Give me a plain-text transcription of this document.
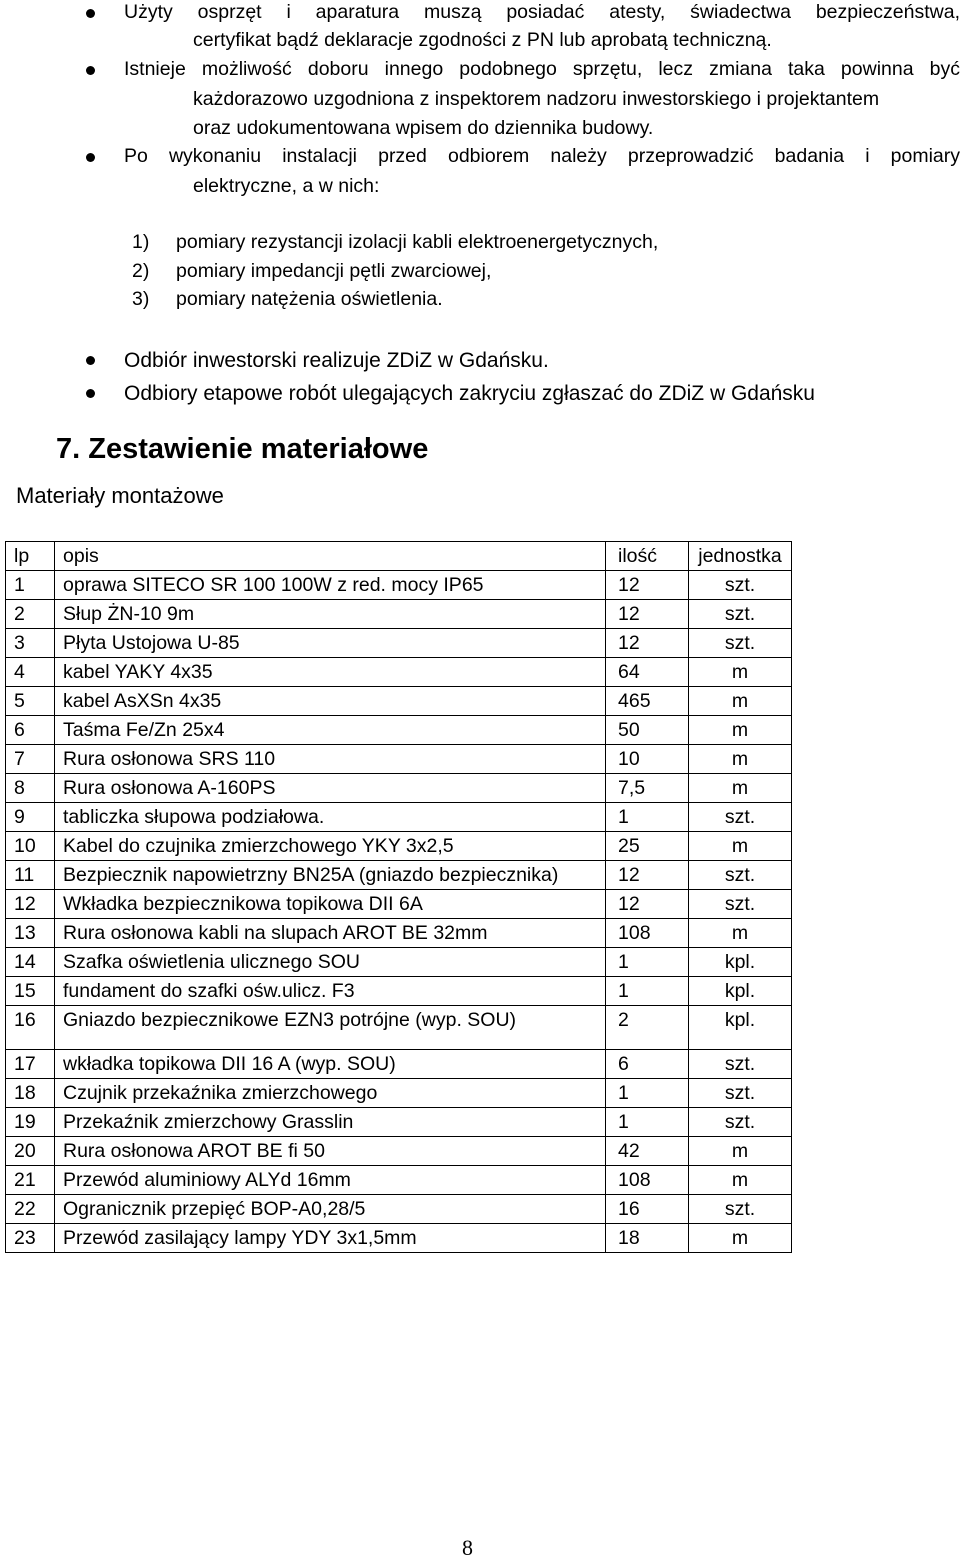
Użyty osprzęt i aparatura muszą posiadać atesty, świadectwa bezpieczeństwa,
certyfikat bądź deklaracje zgodności z PN lub aprobatą techniczną.
Istnieje możliwość doboru innego podobnego sprzętu, lecz zmiana taka powinna być
każdorazowo uzgodniona z inspektorem nadzoru inwestorskiego i projektantem
oraz udokumentowana wpisem do dziennika budowy.
Po wykonaniu instalacji przed odbiorem należy przeprowadzić badania i pomiary
elektryczne, a w nich:
1) pomiary rezystancji izolacji kabli elektroenergetycznych,
2) pomiary impedancji pętli zwarciowej,
3) pomiary natężenia oświetlenia.
Odbiór inwestorski realizuje ZDiZ w Gdańsku.
Odbiory etapowe robót ulegających zakryciu zgłaszać do ZDiZ w Gdańsku
7. Zestawienie materiałowe
Materiały montażowe
lp	opis	ilość	jednostka
1	oprawa SITECO SR 100 100W z red. mocy IP65	12	szt.
2	Słup ŻN-10 9m	12	szt.
3	Płyta Ustojowa U-85	12	szt.
4	kabel YAKY 4x35	64	m
5	kabel AsXSn 4x35	465	m
6	Taśma Fe/Zn 25x4	50	m
7	Rura osłonowa SRS 110	10	m
8	Rura osłonowa A-160PS	7,5	m
9	tabliczka słupowa podziałowa.	1	szt.
10	Kabel do czujnika zmierzchowego YKY 3x2,5	25	m
11	Bezpiecznik napowietrzny BN25A (gniazdo bezpiecznika)	12	szt.
12	Wkładka bezpiecznikowa topikowa DII 6A	12	szt.
13	Rura osłonowa kabli na slupach AROT BE 32mm	108	m
14	Szafka oświetlenia ulicznego SOU	1	kpl.
15	fundament do szafki ośw.ulicz. F3	1	kpl.
16	Gniazdo bezpiecznikowe EZN3 potrójne (wyp. SOU)	2	kpl.
17	wkładka topikowa DII 16 A (wyp. SOU)	6	szt.
18	Czujnik przekaźnika zmierzchowego	1	szt.
19	Przekaźnik zmierzchowy Grasslin	1	szt.
20	Rura osłonowa AROT BE fi 50	42	m
21	Przewód aluminiowy ALYd 16mm	108	m
22	Ogranicznik przepięć BOP-A0,28/5	16	szt.
23	Przewód zasilający lampy YDY 3x1,5mm	18	m
8
